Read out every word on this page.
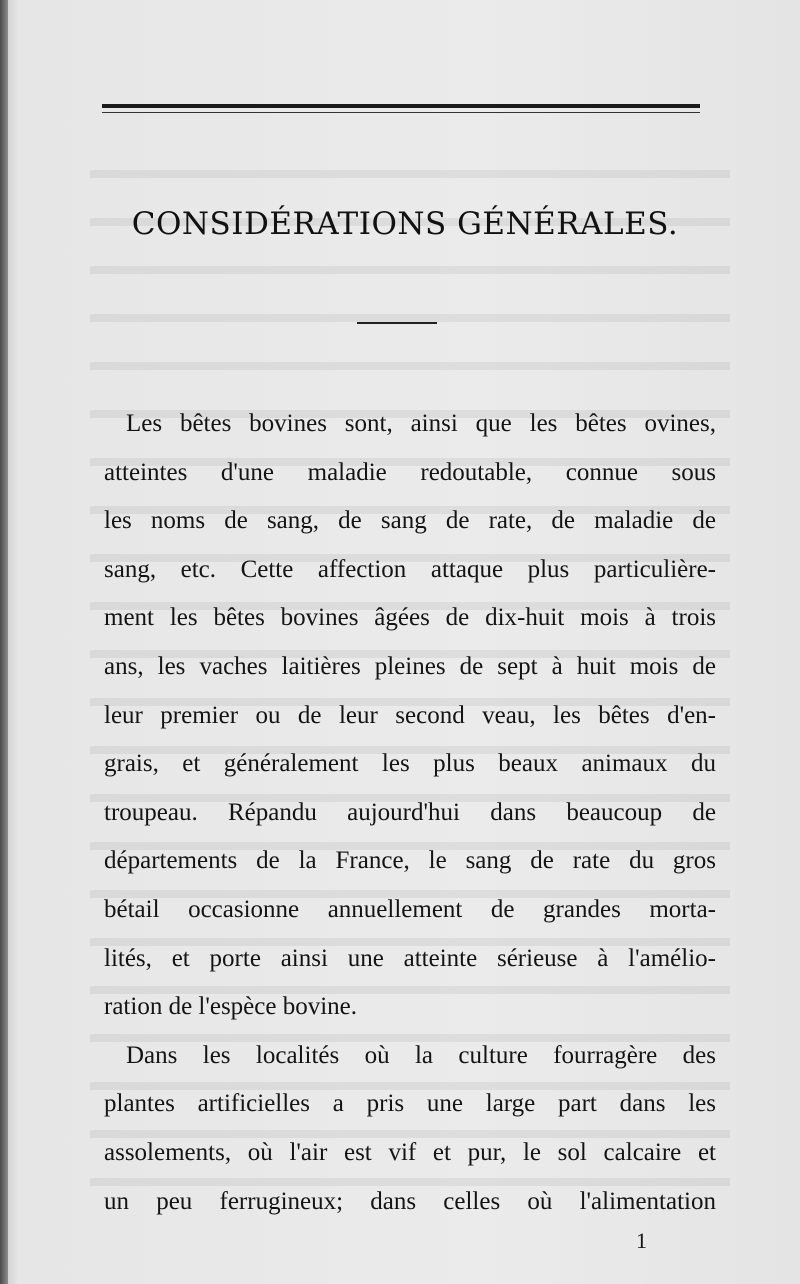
CONSIDÉRATIONS GÉNÉRALES.

Les bêtes bovines sont, ainsi que les bêtes ovines,
atteintes d'une maladie redoutable, connue sous
les noms de sang, de sang de rate, de maladie de
sang, etc. Cette affection attaque plus particulière-
ment les bêtes bovines âgées de dix-huit mois à trois
ans, les vaches laitières pleines de sept à huit mois de
leur premier ou de leur second veau, les bêtes d'en-
grais, et généralement les plus beaux animaux du
troupeau. Répandu aujourd'hui dans beaucoup de
départements de la France, le sang de rate du gros
bétail occasionne annuellement de grandes morta-
lités, et porte ainsi une atteinte sérieuse à l'amélio-
ration de l'espèce bovine.

Dans les localités où la culture fourragère des
plantes artificielles a pris une large part dans les
assolements, où l'air est vif et pur, le sol calcaire et
un peu ferrugineux; dans celles où l'alimentation

1
